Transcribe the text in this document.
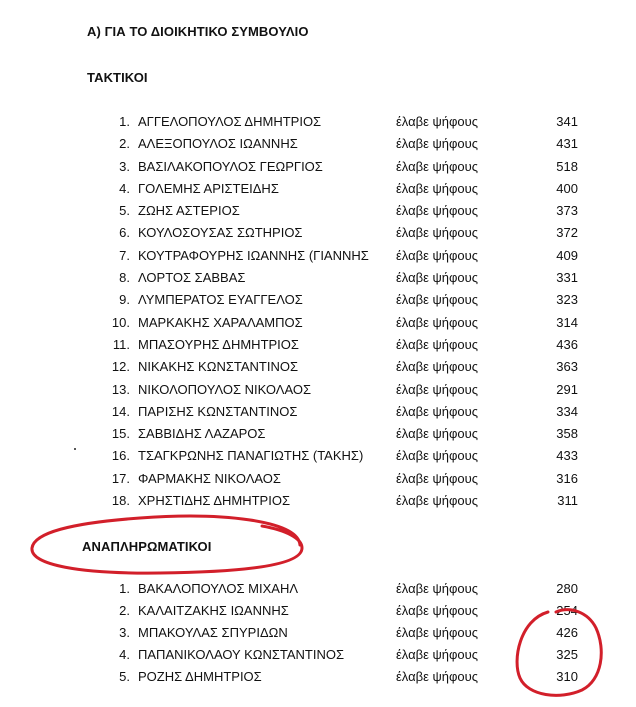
Α) ΓΙΑ ΤΟ ΔΙΟΙΚΗΤΙΚΟ ΣΥΜΒΟΥΛΙΟ
ΤΑΚΤΙΚΟΙ
1. ΑΓΓΕΛΟΠΟΥΛΟΣ ΔΗΜΗΤΡΙΟΣ	έλαβε ψήφους	341
2. ΑΛΕΞΟΠΟΥΛΟΣ ΙΩΑΝΝΗΣ	έλαβε ψήφους	431
3. ΒΑΣΙΛΑΚΟΠΟΥΛΟΣ ΓΕΩΡΓΙΟΣ	έλαβε ψήφους	518
4. ΓΟΛΕΜΗΣ ΑΡΙΣΤΕΙΔΗΣ	έλαβε ψήφους	400
5. ΖΩΗΣ ΑΣΤΕΡΙΟΣ	έλαβε ψήφους	373
6. ΚΟΥΛΟΣΟΥΣΑΣ ΣΩΤΗΡΙΟΣ	έλαβε ψήφους	372
7. ΚΟΥΤΡΑΦΟΥΡΗΣ ΙΩΑΝΝΗΣ (ΓΙΑΝΝΗΣ έλαβε ψήφους	409
8. ΛΟΡΤΟΣ ΣΑΒΒΑΣ	έλαβε ψήφους	331
9. ΛΥΜΠΕΡΑΤΟΣ ΕΥΑΓΓΕΛΟΣ	έλαβε ψήφους	323
10. ΜΑΡΚΑΚΗΣ ΧΑΡΑΛΑΜΠΟΣ	έλαβε ψήφους	314
11. ΜΠΑΣΟΥΡΗΣ ΔΗΜΗΤΡΙΟΣ	έλαβε ψήφους	436
12. ΝΙΚΑΚΗΣ ΚΩΝΣΤΑΝΤΙΝΟΣ	έλαβε ψήφους	363
13. ΝΙΚΟΛΟΠΟΥΛΟΣ ΝΙΚΟΛΑΟΣ	έλαβε ψήφους	291
14. ΠΑΡΙΣΗΣ ΚΩΝΣΤΑΝΤΙΝΟΣ	έλαβε ψήφους	334
15. ΣΑΒΒΙΔΗΣ ΛΑΖΑΡΟΣ	έλαβε ψήφους	358
16. ΤΣΑΓΚΡΩΝΗΣ ΠΑΝΑΓΙΩΤΗΣ (ΤΑΚΗΣ)	έλαβε ψήφους	433
17. ΦΑΡΜΑΚΗΣ ΝΙΚΟΛΑΟΣ	έλαβε ψήφους	316
18. ΧΡΗΣΤΙΔΗΣ ΔΗΜΗΤΡΙΟΣ	έλαβε ψήφους	311
ΑΝΑΠΛΗΡΩΜΑΤΙΚΟΙ
1. ΒΑΚΑΛΟΠΟΥΛΟΣ ΜΙΧΑΗΛ	έλαβε ψήφους	280
2. ΚΑΛΑΙΤΖΑΚΗΣ ΙΩΑΝΝΗΣ	έλαβε ψήφους	254
3. ΜΠΑΚΟΥΛΑΣ ΣΠΥΡΙΔΩΝ	έλαβε ψήφους	426
4. ΠΑΠΑΝΙΚΟΛΑΟΥ ΚΩΝΣΤΑΝΤΙΝΟΣ	έλαβε ψήφους	325
5. ΡΟΖΗΣ ΔΗΜΗΤΡΙΟΣ	έλαβε ψήφους	310
